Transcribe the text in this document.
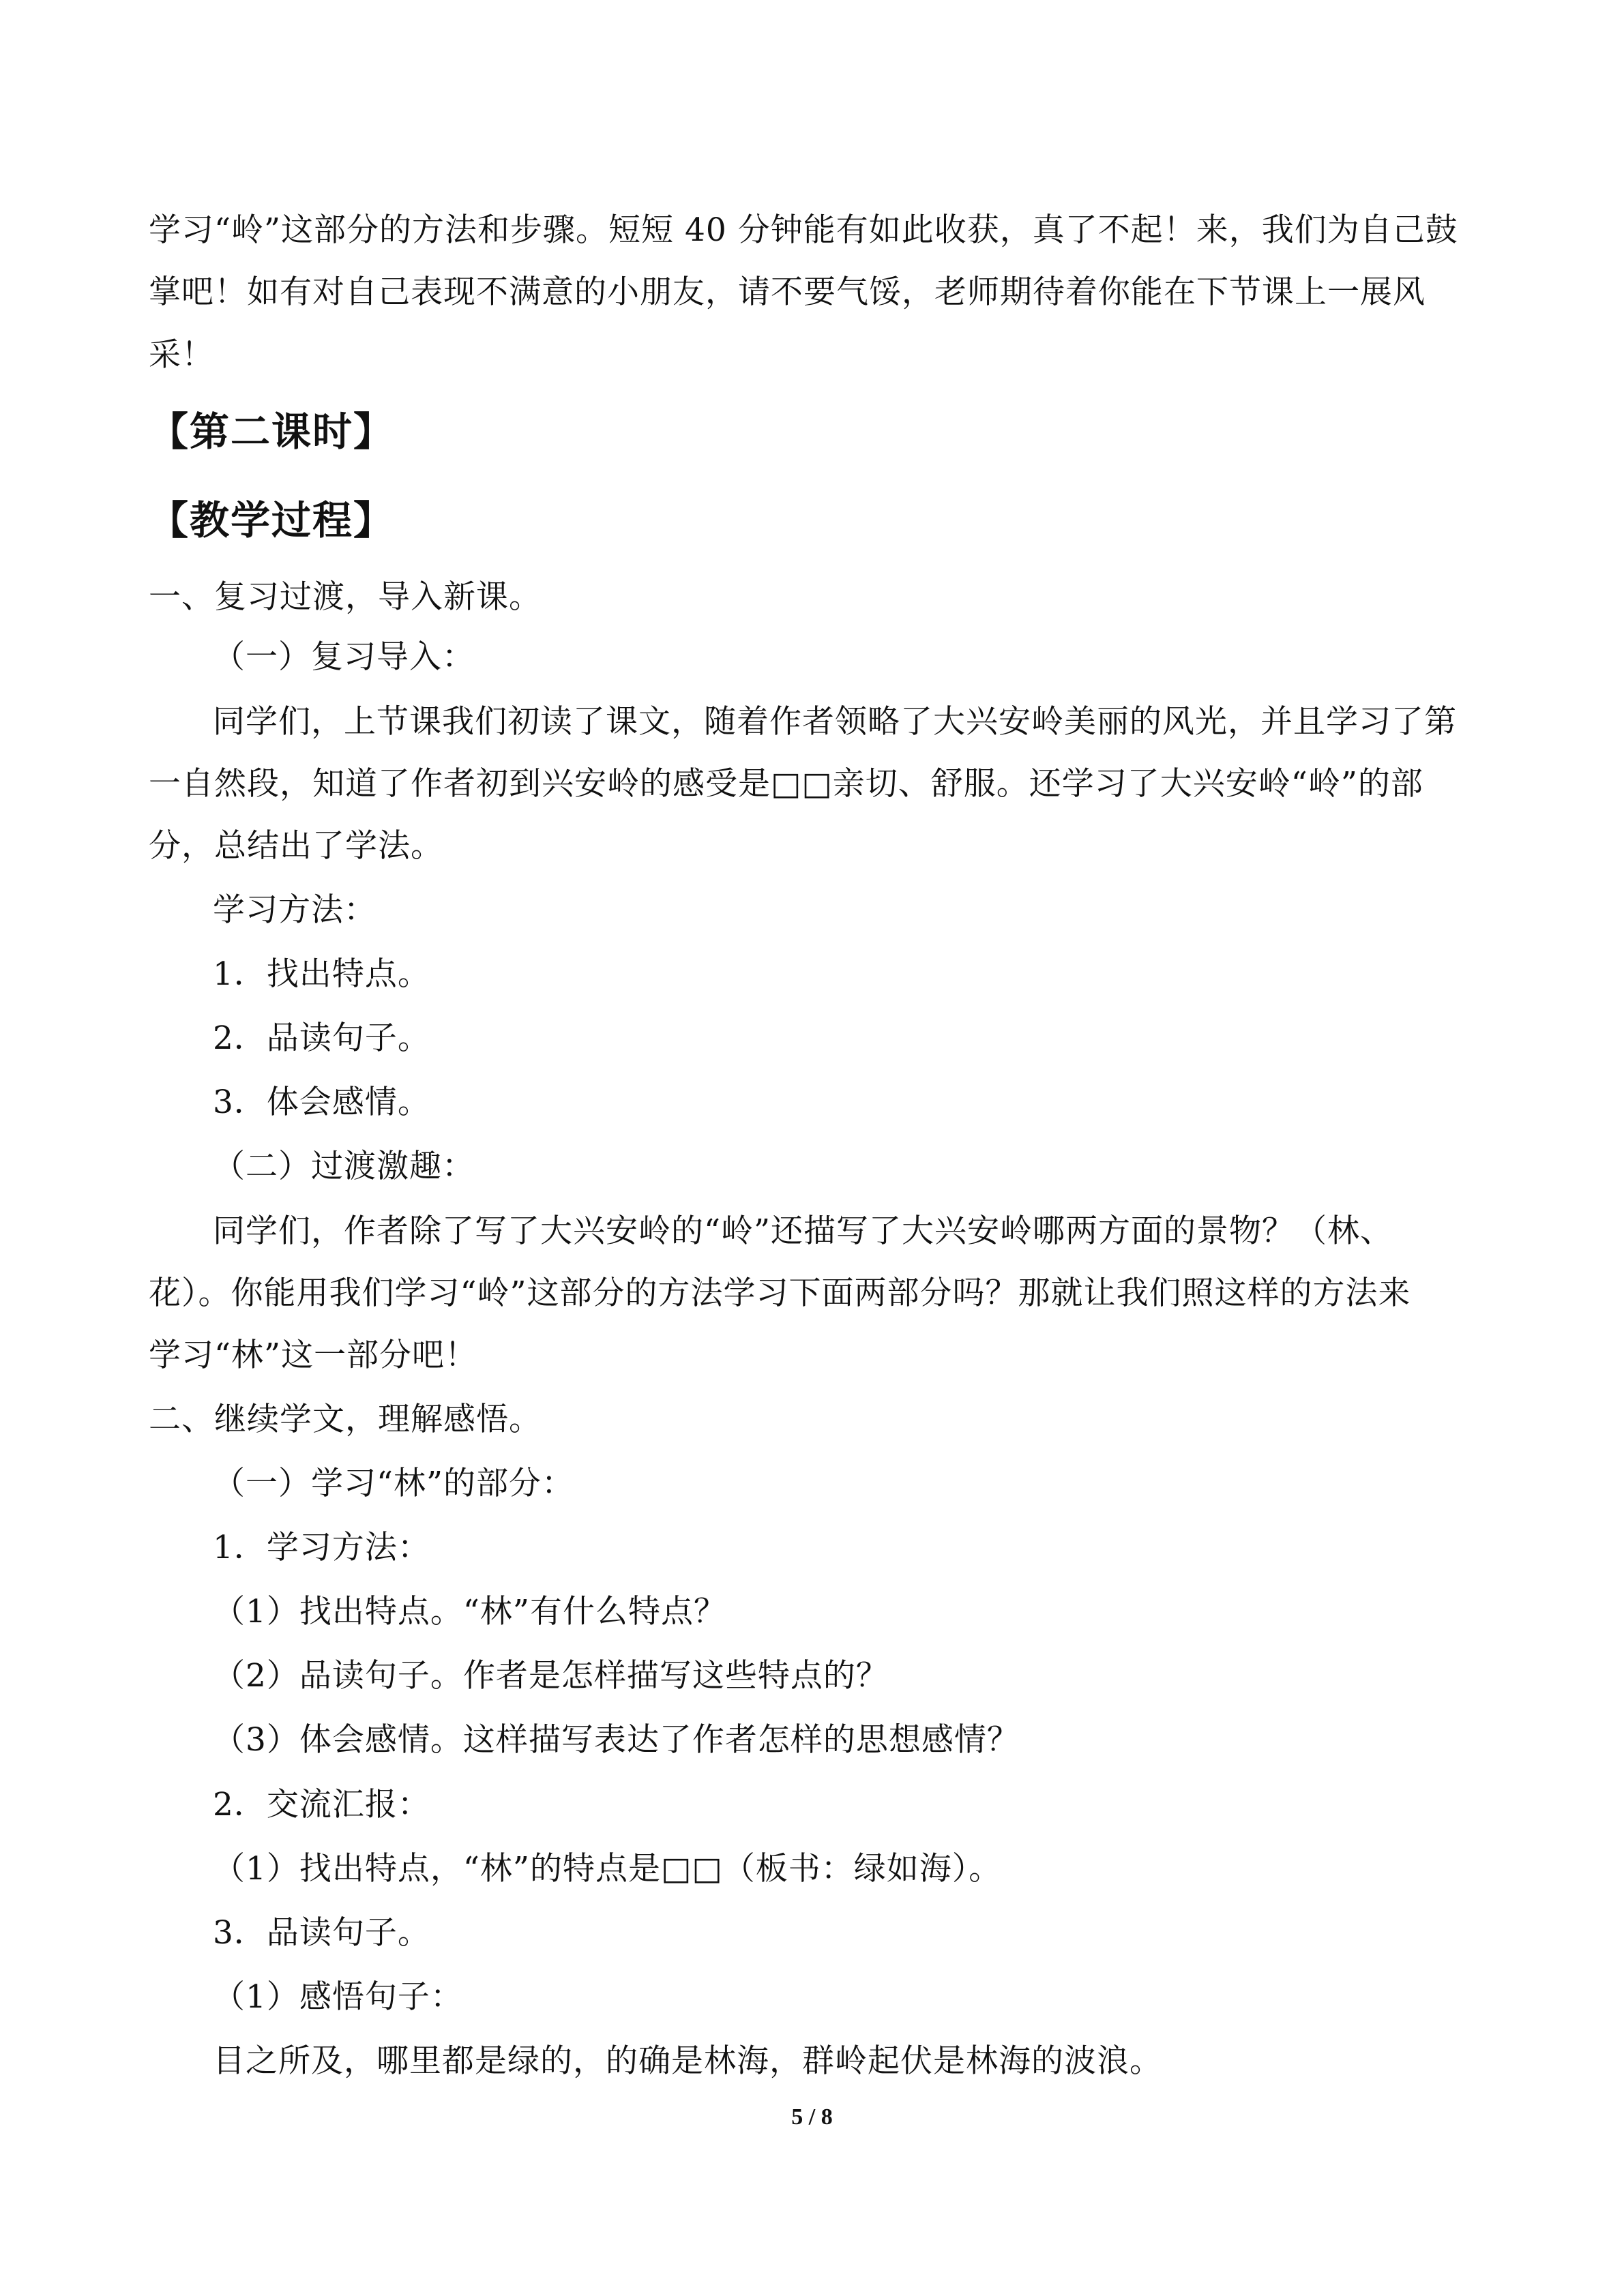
学习“岭”这部分的方法和步骤。短短 40 分钟能有如此收获，真了不起！来，我们为自己鼓
掌吧！如有对自己表现不满意的小朋友，请不要气馁，老师期待着你能在下节课上一展风
采！
【第二课时】
【教学过程】
一、复习过渡，导入新课。
（一）复习导入：
同学们，上节课我们初读了课文，随着作者领略了大兴安岭美丽的风光，并且学习了第
一自然段，知道了作者初到兴安岭的感受是□□亲切、舒服。还学习了大兴安岭“岭”的部
分，总结出了学法。
学习方法：
1．找出特点。
2．品读句子。
3．体会感情。
（二）过渡激趣：
同学们，作者除了写了大兴安岭的“岭”还描写了大兴安岭哪两方面的景物？（林、
花）。你能用我们学习“岭”这部分的方法学习下面两部分吗？那就让我们照这样的方法来
学习“林”这一部分吧！
二、继续学文，理解感悟。
（一）学习“林”的部分：
1．学习方法：
（1）找出特点。“林”有什么特点？
（2）品读句子。作者是怎样描写这些特点的？
（3）体会感情。这样描写表达了作者怎样的思想感情？
2．交流汇报：
（1）找出特点，“林”的特点是□□（板书：绿如海）。
3．品读句子。
（1）感悟句子：
目之所及，哪里都是绿的，的确是林海，群岭起伏是林海的波浪。
5 / 8
